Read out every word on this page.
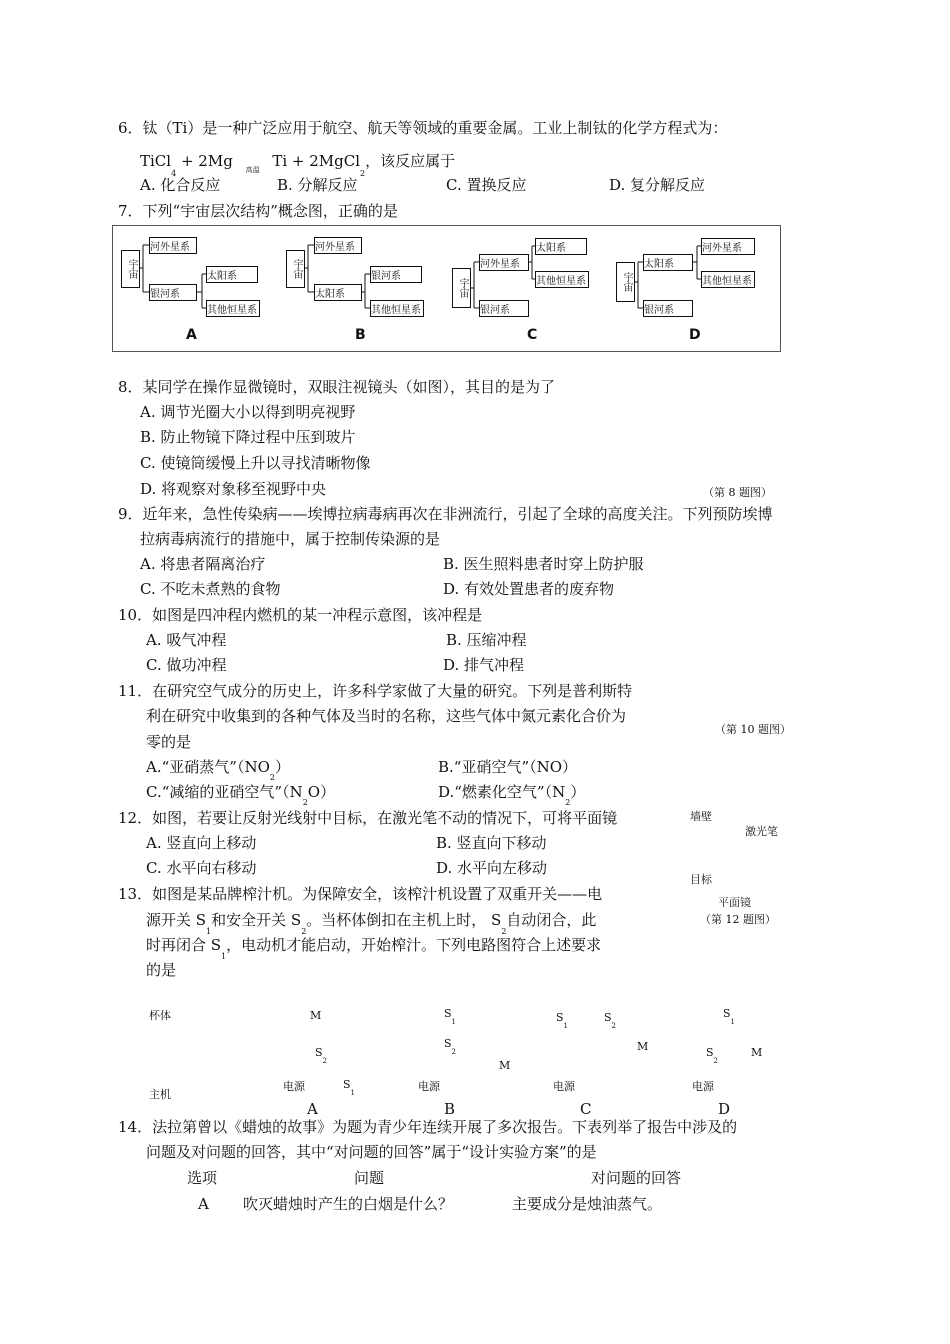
6．钛（Ti）是一种广泛应用于航空、航天等领域的重要金属。工业上制钛的化学方程式为：
TiCl$_4$ + 2Mg $_{高温}$ Ti + 2MgCl$_2$，该反应属于
A. 化合反应	B. 分解反应	C. 置换反应	D. 复分解反应
7．下列“宇宙层次结构”概念图，正确的是
宇宙
河外星系
银河系
太阳系
其他恒星系
A
宇宙
河外星系
太阳系
银河系
其他恒星系
B
宇宙
河外星系
银河系
太阳系
其他恒星系
C
宇宙
太阳系
银河系
河外星系
其他恒星系
D
8．某同学在操作显微镜时，双眼注视镜头（如图），其目的是为了
A. 调节光圈大小以得到明亮视野
B. 防止物镜下降过程中压到玻片
C. 使镜筒缓慢上升以寻找清晰物像
D. 将观察对象移至视野中央	（第 8 题图）
9．近年来，急性传染病——埃博拉病毒病再次在非洲流行，引起了全球的高度关注。下列预防埃博
拉病毒病流行的措施中，属于控制传染源的是
A. 将患者隔离治疗	B. 医生照料患者时穿上防护服
C. 不吃未煮熟的食物	D. 有效处置患者的废弃物
10．如图是四冲程内燃机的某一冲程示意图，该冲程是
A. 吸气冲程	B. 压缩冲程
C. 做功冲程	D. 排气冲程
11．在研究空气成分的历史上，许多科学家做了大量的研究。下列是普利斯特
利在研究中收集到的各种气体及当时的名称，这些气体中氮元素化合价为
零的是
（第 10 题图）
A.“亚硝蒸气$”(NO_2)$	B.“亚硝空气”（NO）
C.“减缩的亚硝空气$”(N_2O)$	D.“燃素化空气$”(N_2)$
12．如图，若要让反射光线射中目标，在激光笔不动的情况下，可将平面镜
A. 竖直向上移动	B. 竖直向下移动
C. 水平向右移动	D. 水平向左移动
墙壁
激光笔
目标
平面镜
（第 12 题图）
13．如图是某品牌榨汁机。为保障安全，该榨汁机设置了双重开关——电
源开关 $S_1$和安全开关 $S_2$。当杯体倒扣在主机上时， $S_2$自动闭合，此
时再闭合 $S_1$，电动机才能启动，开始榨汁。下列电路图符合上述要求
的是
杯体
主机
M
$S_2$
$S_1$
电源
A
$S_1$
$S_2$
M
电源
B
$S_1$
$S_2$
M
电源
C
$S_1$
$S_2$
M
电源
D
14．法拉第曾以《蜡烛的故事》为题为青少年连续开展了多次报告。下表列举了报告中涉及的
问题及对问题的回答，其中“对问题的回答”属于“设计实验方案”的是
选项	问题	对问题的回答
A 吹灭蜡烛时产生的白烟是什么？	主要成分是烛油蒸气。
